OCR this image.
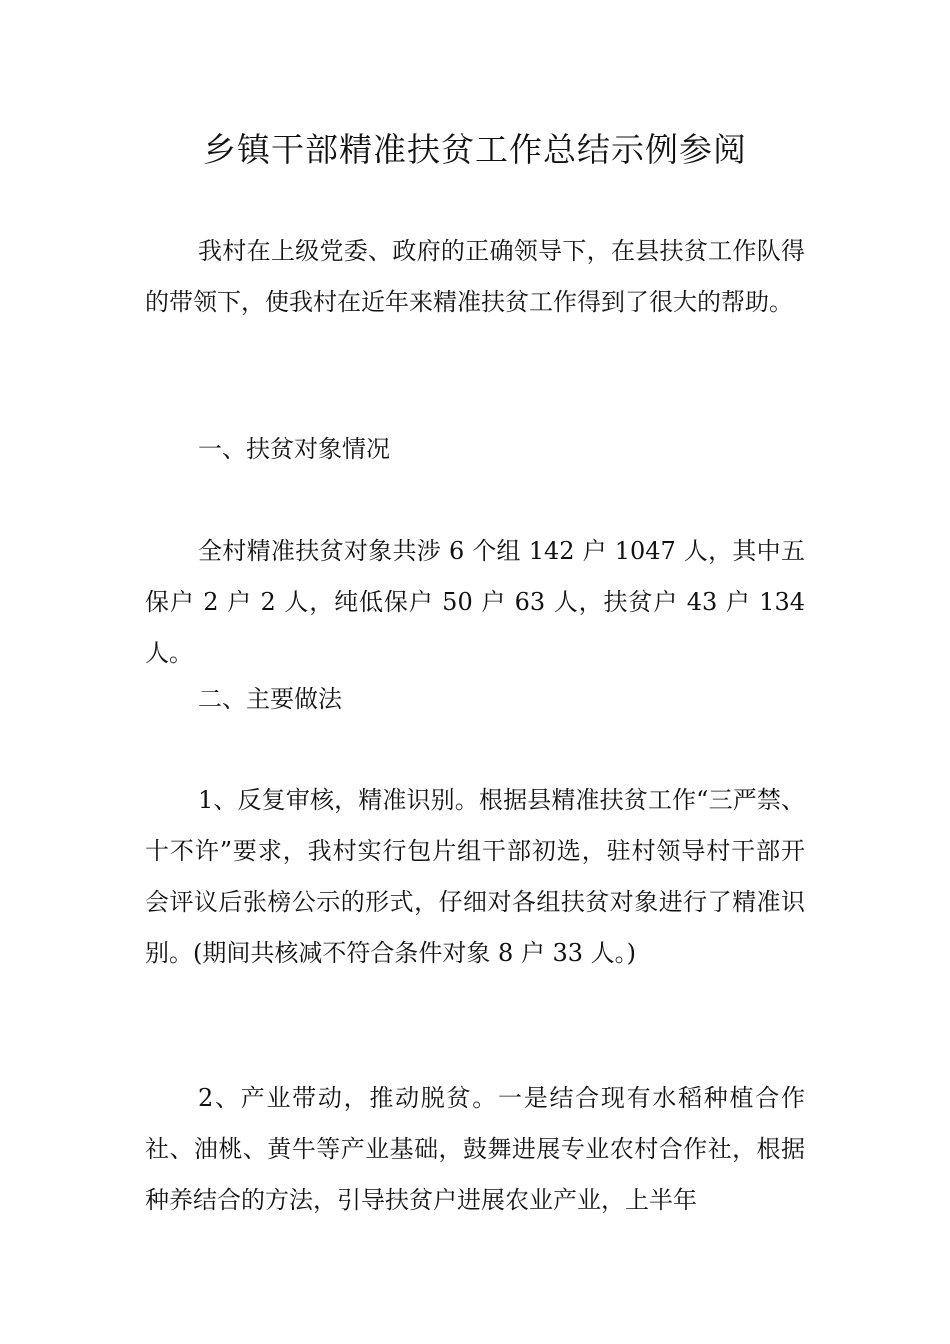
乡镇干部精准扶贫工作总结示例参阅

我村在上级党委、政府的正确领导下，在县扶贫工作队得的带领下，使我村在近年来精准扶贫工作得到了很大的帮助。

一、扶贫对象情况

全村精准扶贫对象共涉 6 个组 142 户 1047 人，其中五保户 2 户 2 人，纯低保户 50 户 63 人，扶贫户 43 户 134 人。

二、主要做法

1、反复审核，精准识别。根据县精准扶贫工作“三严禁、十不许”要求，我村实行包片组干部初选，驻村领导村干部开会评议后张榜公示的形式，仔细对各组扶贫对象进行了精准识别。(期间共核减不符合条件对象 8 户 33 人。)

2、产业带动，推动脱贫。一是结合现有水稻种植合作社、油桃、黄牛等产业基础，鼓舞进展专业农村合作社，根据种养结合的方法，引导扶贫户进展农业产业，上半年
